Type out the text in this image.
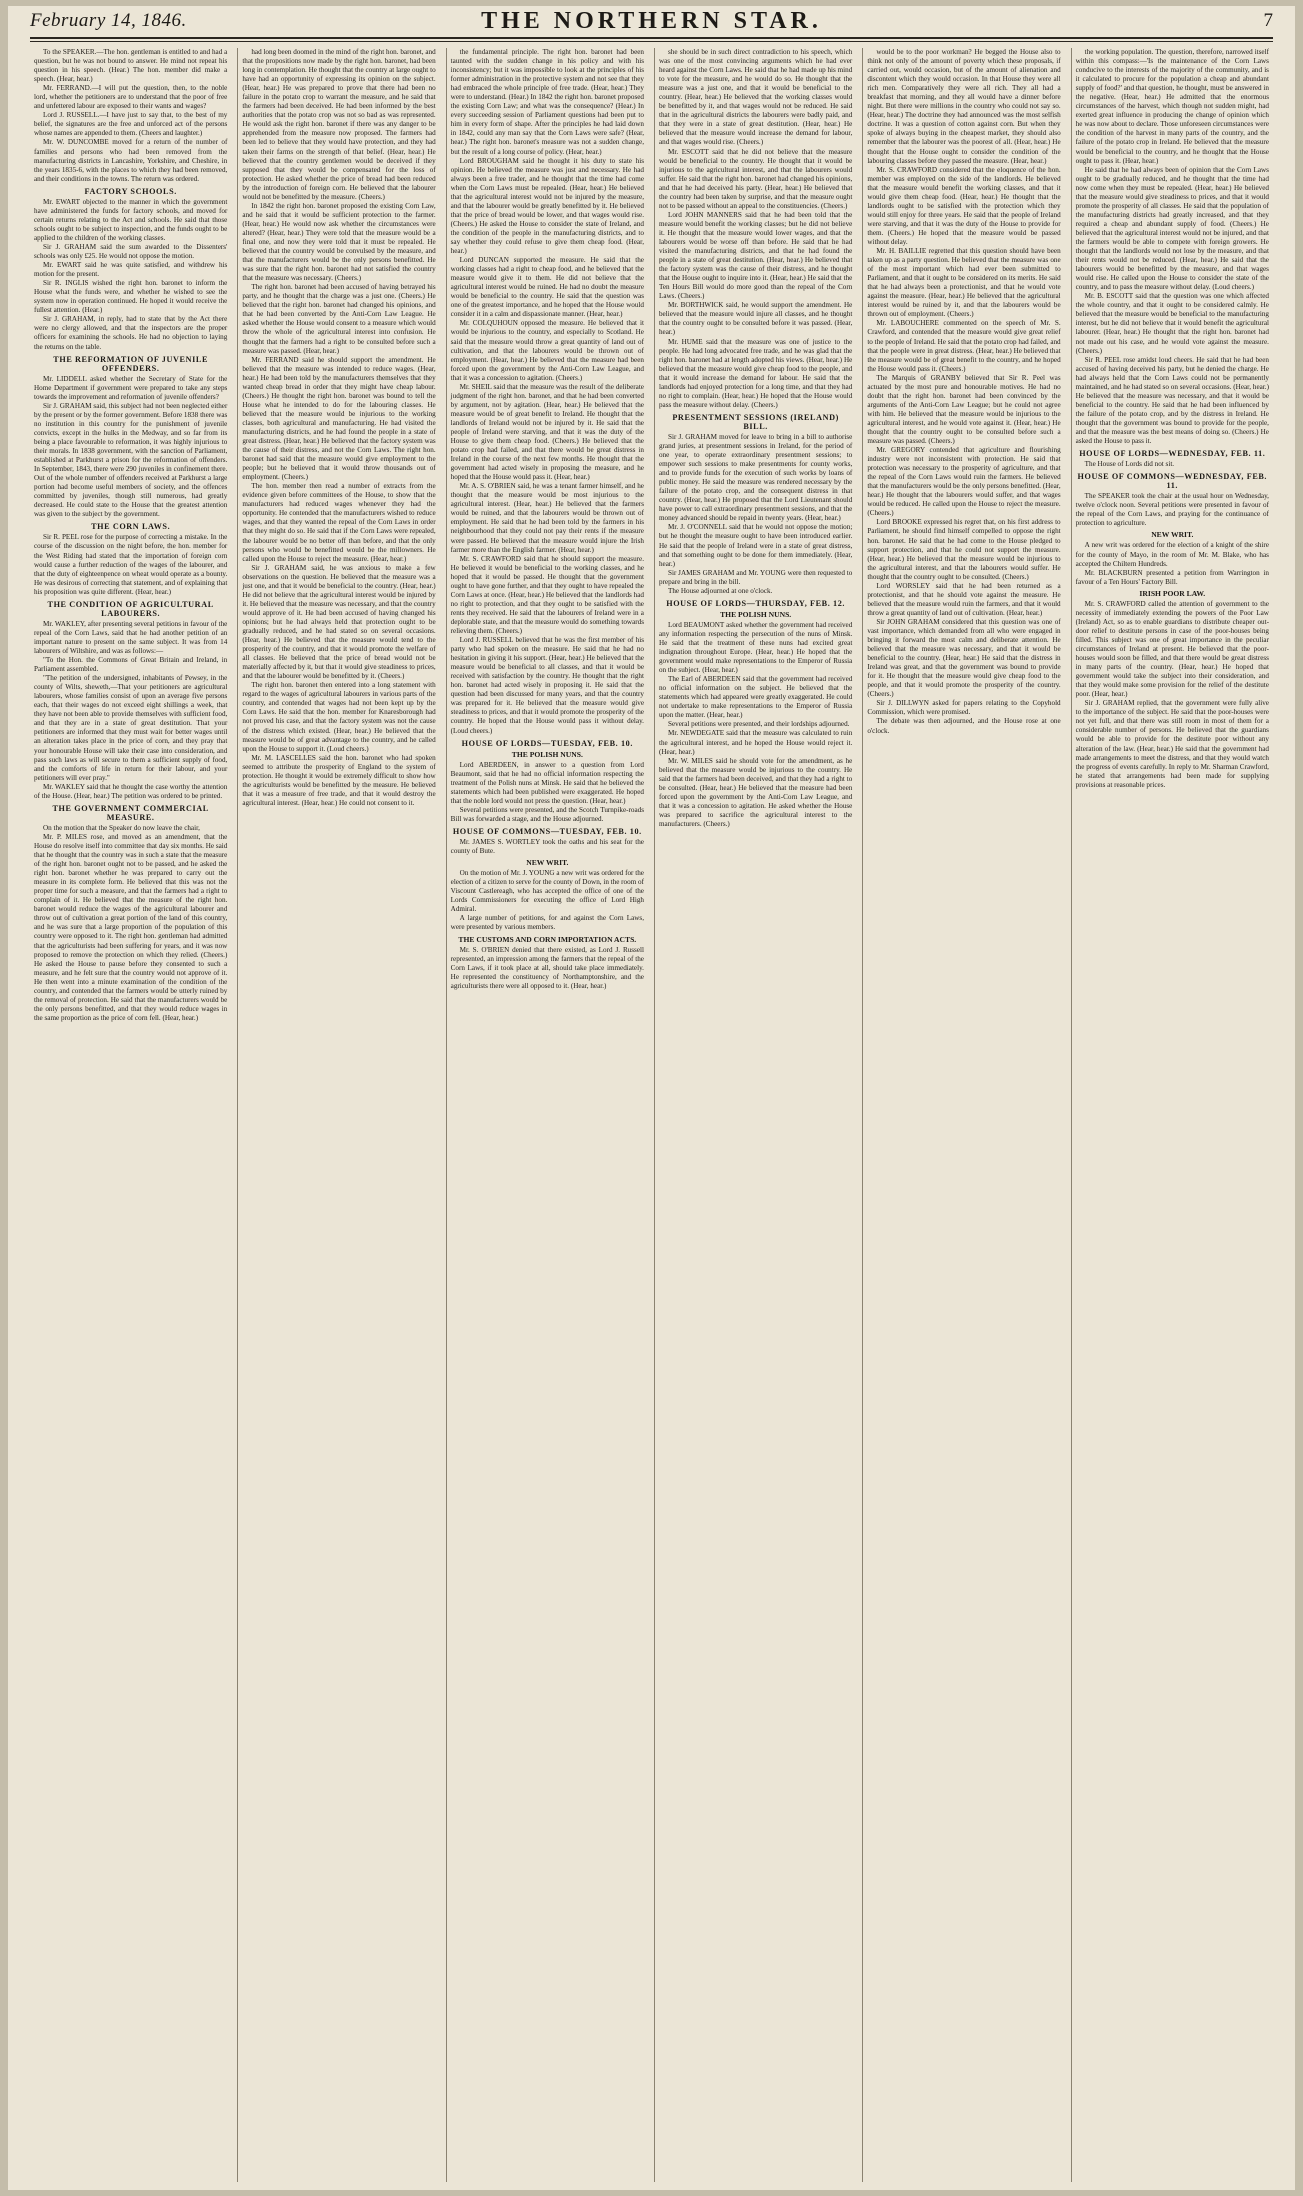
February 14, 1846.	THE NORTHERN STAR.	7

To the SPEAKER.—The hon. gentleman is entitled to and had a question, but he was not bound to answer. He mind not repeat his question in his speech. (Hear.) The hon. member did make a speech. (Hear, hear.)

Mr. FERRAND.—I will put the question, then, to the noble lord, whether the petitioners are to understand that the poor of free and unfettered labour are exposed to their wants and wages?

Lord J. RUSSELL.—I have just to say that, to the best of my belief, the signatures are the free and unforced act of the persons whose names are appended to them. (Cheers and laughter.)

Mr. W. DUNCOMBE moved for a return of the number of families and persons who had been removed from the manufacturing districts in Lancashire, Yorkshire, and Cheshire, in the years 1835-6, with the places to which they had been removed, and their conditions in the towns. The return was ordered.

FACTORY SCHOOLS.

Mr. EWART objected to the manner in which the government have administered the funds for factory schools, and moved for certain returns relating to the Act and schools. He said that those schools ought to be subject to inspection, and the funds ought to be applied to the children of the working classes.

Sir J. GRAHAM said the sum awarded to the Dissenters' schools was only £25. He would not oppose the motion.

Mr. EWART said he was quite satisfied, and withdrew his motion for the present.

Sir R. INGLIS wished the right hon. baronet to inform the House what the funds were, and whether he wished to see the system now in operation continued. He hoped it would receive the fullest attention. (Hear.)

Sir J. GRAHAM, in reply, had to state that by the Act there were no clergy allowed, and that the inspectors are the proper officers for examining the schools. He had no objection to laying the returns on the table.

THE REFORMATION OF JUVENILE OFFENDERS.

Mr. LIDDELL asked whether the Secretary of State for the Home Department if government were prepared to take any steps towards the improvement and reformation of juvenile offenders?

Sir J. GRAHAM said, this subject had not been neglected either by the present or by the former government. Before 1838 there was no institution in this country for the punishment of juvenile convicts, except in the hulks in the Medway, and so far from its being a place favourable to reformation, it was highly injurious to their morals. In 1838 government, with the sanction of Parliament, established at Parkhurst a prison for the reformation of offenders. In September, 1843, there were 290 juveniles in confinement there. Out of the whole number of offenders received at Parkhurst a large portion had become useful members of society, and the offences committed by juveniles, though still numerous, had greatly decreased. He could state to the House that the greatest attention was given to the subject by the government.

THE CORN LAWS.

Sir R. PEEL rose for the purpose of correcting a mistake. In the course of the discussion on the night before, the hon. member for the West Riding had stated that the importation of foreign corn would cause a further reduction of the wages of the labourer, and that the duty of eighteenpence on wheat would operate as a bounty. He was desirous of correcting that statement, and of explaining that his proposition was quite different. (Hear, hear.)

THE CONDITION OF AGRICULTURAL LABOURERS.

Mr. WAKLEY, after presenting several petitions in favour of the repeal of the Corn Laws, said that he had another petition of an important nature to present on the same subject. It was from 14 labourers of Wiltshire, and was as follows:—

"To the Hon. the Commons of Great Britain and Ireland, in Parliament assembled.

"The petition of the undersigned, inhabitants of Pewsey, in the county of Wilts, sheweth,—That your petitioners are agricultural labourers, whose families consist of upon an average five persons each, that their wages do not exceed eight shillings a week, that they have not been able to provide themselves with sufficient food, and that they are in a state of great destitution. That your petitioners are informed that they must wait for better wages until an alteration takes place in the price of corn, and they pray that your honourable House will take their case into consideration, and pass such laws as will secure to them a sufficient supply of food, and the comforts of life in return for their labour, and your petitioners will ever pray."

Mr. WAKLEY said that he thought the case worthy the attention of the House. (Hear, hear.) The petition was ordered to be printed.

THE GOVERNMENT COMMERCIAL MEASURE.

On the motion that the Speaker do now leave the chair,

Mr. P. MILES rose, and moved as an amendment, that the House do resolve itself into committee that day six months. He said that he thought that the country was in such a state that the measure of the right hon. baronet ought not to be passed, and he asked the right hon. baronet whether he was prepared to carry out the measure in its complete form. He believed that this was not the proper time for such a measure, and that the farmers had a right to complain of it. He believed that the measure of the right hon. baronet would reduce the wages of the agricultural labourer and throw out of cultivation a great portion of the land of this country, and he was sure that a large proportion of the population of this country were opposed to it. The right hon. gentleman had admitted that the agriculturists had been suffering for years, and it was now proposed to remove the protection on which they relied. (Cheers.) He asked the House to pause before they consented to such a measure, and he felt sure that the country would not approve of it. He then went into a minute examination of the condition of the country, and contended that the farmers would be utterly ruined by the removal of protection. He said that the manufacturers would be the only persons benefitted, and that they would reduce wages in the same proportion as the price of corn fell. (Hear, hear.)

had long been doomed in the mind of the right hon. baronet, and that the propositions now made by the right hon. baronet, had been long in contemplation. He thought that the country at large ought to have had an opportunity of expressing its opinion on the subject. (Hear, hear.) He was prepared to prove that there had been no failure in the potato crop to warrant the measure, and he said that the farmers had been deceived. He had been informed by the best authorities that the potato crop was not so bad as was represented. He would ask the right hon. baronet if there was any danger to be apprehended from the measure now proposed. The farmers had been led to believe that they would have protection, and they had taken their farms on the strength of that belief. (Hear, hear.) He believed that the country gentlemen would be deceived if they supposed that they would be compensated for the loss of protection. He asked whether the price of bread had been reduced by the introduction of foreign corn. He believed that the labourer would not be benefitted by the measure. (Cheers.)

In 1842 the right hon. baronet proposed the existing Corn Law, and he said that it would be sufficient protection to the farmer. (Hear, hear.) He would now ask whether the circumstances were altered? (Hear, hear.) They were told that the measure would be a final one, and now they were told that it must be repealed. He believed that the country would be convulsed by the measure, and that the manufacturers would be the only persons benefitted. He was sure that the right hon. baronet had not satisfied the country that the measure was necessary. (Cheers.)

The right hon. baronet had been accused of having betrayed his party, and he thought that the charge was a just one. (Cheers.) He believed that the right hon. baronet had changed his opinions, and that he had been converted by the Anti-Corn Law League. He asked whether the House would consent to a measure which would throw the whole of the agricultural interest into confusion. He thought that the farmers had a right to be consulted before such a measure was passed. (Hear, hear.)

Mr. FERRAND said he should support the amendment. He believed that the measure was intended to reduce wages. (Hear, hear.) He had been told by the manufacturers themselves that they wanted cheap bread in order that they might have cheap labour. (Cheers.) He thought the right hon. baronet was bound to tell the House what he intended to do for the labouring classes. He believed that the measure would be injurious to the working classes, both agricultural and manufacturing. He had visited the manufacturing districts, and he had found the people in a state of great distress. (Hear, hear.) He believed that the factory system was the cause of their distress, and not the Corn Laws. The right hon. baronet had said that the measure would give employment to the people; but he believed that it would throw thousands out of employment. (Cheers.)

The hon. member then read a number of extracts from the evidence given before committees of the House, to show that the manufacturers had reduced wages whenever they had the opportunity. He contended that the manufacturers wished to reduce wages, and that they wanted the repeal of the Corn Laws in order that they might do so. He said that if the Corn Laws were repealed, the labourer would be no better off than before, and that the only persons who would be benefitted would be the millowners. He called upon the House to reject the measure. (Hear, hear.)

Sir J. GRAHAM said, he was anxious to make a few observations on the question. He believed that the measure was a just one, and that it would be beneficial to the country. (Hear, hear.) He did not believe that the agricultural interest would be injured by it. He believed that the measure was necessary, and that the country would approve of it. He had been accused of having changed his opinions; but he had always held that protection ought to be gradually reduced, and he had stated so on several occasions. (Hear, hear.) He believed that the measure would tend to the prosperity of the country, and that it would promote the welfare of all classes. He believed that the price of bread would not be materially affected by it, but that it would give steadiness to prices, and that the labourer would be benefitted by it. (Cheers.)

The right hon. baronet then entered into a long statement with regard to the wages of agricultural labourers in various parts of the country, and contended that wages had not been kept up by the Corn Laws. He said that the hon. member for Knaresborough had not proved his case, and that the factory system was not the cause of the distress which existed. (Hear, hear.) He believed that the measure would be of great advantage to the country, and he called upon the House to support it. (Loud cheers.)

Mr. M. LASCELLES said the hon. baronet who had spoken seemed to attribute the prosperity of England to the system of protection. He thought it would be extremely difficult to show how the agriculturists would be benefitted by the measure. He believed that it was a measure of free trade, and that it would destroy the agricultural interest. (Hear, hear.) He could not consent to it.

the fundamental principle. The right hon. baronet had been taunted with the sudden change in his policy and with his inconsistency; but it was impossible to look at the principles of his former administration in the protective system and not see that they had embraced the whole principle of free trade. (Hear, hear.) They were to understand. (Hear.) In 1842 the right hon. baronet proposed the existing Corn Law; and what was the consequence? (Hear.) In every succeeding session of Parliament questions had been put to him in every form of shape. After the principles he had laid down in 1842, could any man say that the Corn Laws were safe? (Hear, hear.) The right hon. baronet's measure was not a sudden change, but the result of a long course of policy. (Hear, hear.)

Lord BROUGHAM said he thought it his duty to state his opinion. He believed the measure was just and necessary. He had always been a free trader, and he thought that the time had come when the Corn Laws must be repealed. (Hear, hear.) He believed that the agricultural interest would not be injured by the measure, and that the labourer would be greatly benefitted by it. He believed that the price of bread would be lower, and that wages would rise. (Cheers.) He asked the House to consider the state of Ireland, and the condition of the people in the manufacturing districts, and to say whether they could refuse to give them cheap food. (Hear, hear.)

Lord DUNCAN supported the measure. He said that the working classes had a right to cheap food, and he believed that the measure would give it to them. He did not believe that the agricultural interest would be ruined. He had no doubt the measure would be beneficial to the country. He said that the question was one of the greatest importance, and he hoped that the House would consider it in a calm and dispassionate manner. (Hear, hear.)

Mr. COLQUHOUN opposed the measure. He believed that it would be injurious to the country, and especially to Scotland. He said that the measure would throw a great quantity of land out of cultivation, and that the labourers would be thrown out of employment. (Hear, hear.) He believed that the measure had been forced upon the government by the Anti-Corn Law League, and that it was a concession to agitation. (Cheers.)

Mr. SHEIL said that the measure was the result of the deliberate judgment of the right hon. baronet, and that he had been converted by argument, not by agitation. (Hear, hear.) He believed that the measure would be of great benefit to Ireland. He thought that the landlords of Ireland would not be injured by it. He said that the people of Ireland were starving, and that it was the duty of the House to give them cheap food. (Cheers.) He believed that the potato crop had failed, and that there would be great distress in Ireland in the course of the next few months. He thought that the government had acted wisely in proposing the measure, and he hoped that the House would pass it. (Hear, hear.)

Mr. A. S. O'BRIEN said, he was a tenant farmer himself, and he thought that the measure would be most injurious to the agricultural interest. (Hear, hear.) He believed that the farmers would be ruined, and that the labourers would be thrown out of employment. He said that he had been told by the farmers in his neighbourhood that they could not pay their rents if the measure were passed. He believed that the measure would injure the Irish farmer more than the English farmer. (Hear, hear.)

Mr. S. CRAWFORD said that he should support the measure. He believed it would be beneficial to the working classes, and he hoped that it would be passed. He thought that the government ought to have gone further, and that they ought to have repealed the Corn Laws at once. (Hear, hear.) He believed that the landlords had no right to protection, and that they ought to be satisfied with the rents they received. He said that the labourers of Ireland were in a deplorable state, and that the measure would do something towards relieving them. (Cheers.)

Lord J. RUSSELL believed that he was the first member of his party who had spoken on the measure. He said that he had no hesitation in giving it his support. (Hear, hear.) He believed that the measure would be beneficial to all classes, and that it would be received with satisfaction by the country. He thought that the right hon. baronet had acted wisely in proposing it. He said that the question had been discussed for many years, and that the country was prepared for it. He believed that the measure would give steadiness to prices, and that it would promote the prosperity of the country. He hoped that the House would pass it without delay. (Loud cheers.)

HOUSE OF LORDS—TUESDAY, FEB. 10.
THE POLISH NUNS.

Lord ABERDEEN, in answer to a question from Lord Beaumont, said that he had no official information respecting the treatment of the Polish nuns at Minsk. He said that he believed the statements which had been published were exaggerated. He hoped that the noble lord would not press the question. (Hear, hear.)

Several petitions were presented, and the Scotch Turnpike-roads Bill was forwarded a stage, and the House adjourned.

HOUSE OF COMMONS—TUESDAY, FEB. 10.

Mr. JAMES S. WORTLEY took the oaths and his seat for the county of Bute.

NEW WRIT.

On the motion of Mr. J. YOUNG a new writ was ordered for the election of a citizen to serve for the county of Down, in the room of Viscount Castlereagh, who has accepted the office of one of the Lords Commissioners for executing the office of Lord High Admiral.

A large number of petitions, for and against the Corn Laws, were presented by various members.

THE CUSTOMS AND CORN IMPORTATION ACTS.

Mr. S. O'BRIEN denied that there existed, as Lord J. Russell represented, an impression among the farmers that the repeal of the Corn Laws, if it took place at all, should take place immediately. He represented the constituency of Northamptonshire, and the agriculturists there were all opposed to it. (Hear, hear.)

she should be in such direct contradiction to his speech, which was one of the most convincing arguments which he had ever heard against the Corn Laws. He said that he had made up his mind to vote for the measure, and he would do so. He thought that the measure was a just one, and that it would be beneficial to the country. (Hear, hear.) He believed that the working classes would be benefitted by it, and that wages would not be reduced. He said that in the agricultural districts the labourers were badly paid, and that they were in a state of great destitution. (Hear, hear.) He believed that the measure would increase the demand for labour, and that wages would rise. (Cheers.)

Mr. ESCOTT said that he did not believe that the measure would be beneficial to the country. He thought that it would be injurious to the agricultural interest, and that the labourers would suffer. He said that the right hon. baronet had changed his opinions, and that he had deceived his party. (Hear, hear.) He believed that the country had been taken by surprise, and that the measure ought not to be passed without an appeal to the constituencies. (Cheers.)

Lord JOHN MANNERS said that he had been told that the measure would benefit the working classes; but he did not believe it. He thought that the measure would lower wages, and that the labourers would be worse off than before. He said that he had visited the manufacturing districts, and that he had found the people in a state of great destitution. (Hear, hear.) He believed that the factory system was the cause of their distress, and he thought that the House ought to inquire into it. (Hear, hear.) He said that the Ten Hours Bill would do more good than the repeal of the Corn Laws. (Cheers.)

Mr. BORTHWICK said, he would support the amendment. He believed that the measure would injure all classes, and he thought that the country ought to be consulted before it was passed. (Hear, hear.)

Mr. HUME said that the measure was one of justice to the people. He had long advocated free trade, and he was glad that the right hon. baronet had at length adopted his views. (Hear, hear.) He believed that the measure would give cheap food to the people, and that it would increase the demand for labour. He said that the landlords had enjoyed protection for a long time, and that they had no right to complain. (Hear, hear.) He hoped that the House would pass the measure without delay. (Cheers.)

PRESENTMENT SESSIONS (IRELAND) BILL.

Sir J. GRAHAM moved for leave to bring in a bill to authorise grand juries, at presentment sessions in Ireland, for the period of one year, to operate extraordinary presentment sessions; to empower such sessions to make presentments for county works, and to provide funds for the execution of such works by loans of public money. He said the measure was rendered necessary by the failure of the potato crop, and the consequent distress in that country. (Hear, hear.) He proposed that the Lord Lieutenant should have power to call extraordinary presentment sessions, and that the money advanced should be repaid in twenty years. (Hear, hear.)

Mr. J. O'CONNELL said that he would not oppose the motion; but he thought the measure ought to have been introduced earlier. He said that the people of Ireland were in a state of great distress, and that something ought to be done for them immediately. (Hear, hear.)

Sir JAMES GRAHAM and Mr. YOUNG were then requested to prepare and bring in the bill.

The House adjourned at one o'clock.

HOUSE OF LORDS—THURSDAY, FEB. 12.
THE POLISH NUNS.

Lord BEAUMONT asked whether the government had received any information respecting the persecution of the nuns of Minsk. He said that the treatment of these nuns had excited great indignation throughout Europe. (Hear, hear.) He hoped that the government would make representations to the Emperor of Russia on the subject. (Hear, hear.)

The Earl of ABERDEEN said that the government had received no official information on the subject. He believed that the statements which had appeared were greatly exaggerated. He could not undertake to make representations to the Emperor of Russia upon the matter. (Hear, hear.)

Several petitions were presented, and their lordships adjourned.

Mr. NEWDEGATE said that the measure was calculated to ruin the agricultural interest, and he hoped the House would reject it. (Hear, hear.)

Mr. W. MILES said he should vote for the amendment, as he believed that the measure would be injurious to the country. He said that the farmers had been deceived, and that they had a right to be consulted. (Hear, hear.) He believed that the measure had been forced upon the government by the Anti-Corn Law League, and that it was a concession to agitation. He asked whether the House was prepared to sacrifice the agricultural interest to the manufacturers. (Cheers.)

would be to the poor workman? He begged the House also to think not only of the amount of poverty which these proposals, if carried out, would occasion, but of the amount of alienation and discontent which they would occasion. In that House they were all rich men. Comparatively they were all rich. They all had a breakfast that morning, and they all would have a dinner before night. But there were millions in the country who could not say so. (Hear, hear.) The doctrine they had announced was the most selfish doctrine. It was a question of cotton against corn. But when they spoke of always buying in the cheapest market, they should also remember that the labourer was the poorest of all. (Hear, hear.) He thought that the House ought to consider the condition of the labouring classes before they passed the measure. (Hear, hear.)

Mr. S. CRAWFORD considered that the eloquence of the hon. member was employed on the side of the landlords. He believed that the measure would benefit the working classes, and that it would give them cheap food. (Hear, hear.) He thought that the landlords ought to be satisfied with the protection which they would still enjoy for three years. He said that the people of Ireland were starving, and that it was the duty of the House to provide for them. (Cheers.) He hoped that the measure would be passed without delay.

Mr. H. BAILLIE regretted that this question should have been taken up as a party question. He believed that the measure was one of the most important which had ever been submitted to Parliament, and that it ought to be considered on its merits. He said that he had always been a protectionist, and that he would vote against the measure. (Hear, hear.) He believed that the agricultural interest would be ruined by it, and that the labourers would be thrown out of employment. (Cheers.)

Mr. LABOUCHERE commented on the speech of Mr. S. Crawford, and contended that the measure would give great relief to the people of Ireland. He said that the potato crop had failed, and that the people were in great distress. (Hear, hear.) He believed that the measure would be of great benefit to the country, and he hoped the House would pass it. (Cheers.)

The Marquis of GRANBY believed that Sir R. Peel was actuated by the most pure and honourable motives. He had no doubt that the right hon. baronet had been convinced by the arguments of the Anti-Corn Law League; but he could not agree with him. He believed that the measure would be injurious to the agricultural interest, and he would vote against it. (Hear, hear.) He thought that the country ought to be consulted before such a measure was passed. (Cheers.)

Mr. GREGORY contended that agriculture and flourishing industry were not inconsistent with protection. He said that protection was necessary to the prosperity of agriculture, and that the repeal of the Corn Laws would ruin the farmers. He believed that the manufacturers would be the only persons benefitted. (Hear, hear.) He thought that the labourers would suffer, and that wages would be reduced. He called upon the House to reject the measure. (Cheers.)

Lord BROOKE expressed his regret that, on his first address to Parliament, he should find himself compelled to oppose the right hon. baronet. He said that he had come to the House pledged to support protection, and that he could not support the measure. (Hear, hear.) He believed that the measure would be injurious to the agricultural interest, and that the labourers would suffer. He thought that the country ought to be consulted. (Cheers.)

Lord WORSLEY said that he had been returned as a protectionist, and that he should vote against the measure. He believed that the measure would ruin the farmers, and that it would throw a great quantity of land out of cultivation. (Hear, hear.)

Sir JOHN GRAHAM considered that this question was one of vast importance, which demanded from all who were engaged in bringing it forward the most calm and deliberate attention. He believed that the measure was necessary, and that it would be beneficial to the country. (Hear, hear.) He said that the distress in Ireland was great, and that the government was bound to provide for it. He thought that the measure would give cheap food to the people, and that it would promote the prosperity of the country. (Cheers.)

Sir J. DILLWYN asked for papers relating to the Copyhold Commission, which were promised.

The debate was then adjourned, and the House rose at one o'clock.

the working population. The question, therefore, narrowed itself within this compass:—'Is the maintenance of the Corn Laws conducive to the interests of the majority of the community, and is it calculated to procure for the population a cheap and abundant supply of food?' and that question, he thought, must be answered in the negative. (Hear, hear.) He admitted that the enormous circumstances of the harvest, which though not sudden might, had exerted great influence in producing the change of opinion which he was now about to declare. Those unforeseen circumstances were the condition of the harvest in many parts of the country, and the failure of the potato crop in Ireland. He believed that the measure would be beneficial to the country, and he thought that the House ought to pass it. (Hear, hear.)

He said that he had always been of opinion that the Corn Laws ought to be gradually reduced, and he thought that the time had now come when they must be repealed. (Hear, hear.) He believed that the measure would give steadiness to prices, and that it would promote the prosperity of all classes. He said that the population of the manufacturing districts had greatly increased, and that they required a cheap and abundant supply of food. (Cheers.) He believed that the agricultural interest would not be injured, and that the farmers would be able to compete with foreign growers. He thought that the landlords would not lose by the measure, and that their rents would not be reduced. (Hear, hear.) He said that the labourers would be benefitted by the measure, and that wages would rise. He called upon the House to consider the state of the country, and to pass the measure without delay. (Loud cheers.)

Mr. B. ESCOTT said that the question was one which affected the whole country, and that it ought to be considered calmly. He believed that the measure would be beneficial to the manufacturing interest, but he did not believe that it would benefit the agricultural labourer. (Hear, hear.) He thought that the right hon. baronet had not made out his case, and he would vote against the measure. (Cheers.)

Sir R. PEEL rose amidst loud cheers. He said that he had been accused of having deceived his party, but he denied the charge. He had always held that the Corn Laws could not be permanently maintained, and he had stated so on several occasions. (Hear, hear.) He believed that the measure was necessary, and that it would be beneficial to the country. He said that he had been influenced by the failure of the potato crop, and by the distress in Ireland. He thought that the government was bound to provide for the people, and that the measure was the best means of doing so. (Cheers.) He asked the House to pass it.

HOUSE OF LORDS—WEDNESDAY, FEB. 11.

The House of Lords did not sit.

HOUSE OF COMMONS—WEDNESDAY, FEB. 11.

The SPEAKER took the chair at the usual hour on Wednesday, twelve o'clock noon. Several petitions were presented in favour of the repeal of the Corn Laws, and praying for the continuance of protection to agriculture.

NEW WRIT.

A new writ was ordered for the election of a knight of the shire for the county of Mayo, in the room of Mr. M. Blake, who has accepted the Chiltern Hundreds.

Mr. BLACKBURN presented a petition from Warrington in favour of a Ten Hours' Factory Bill.

IRISH POOR LAW.

Mr. S. CRAWFORD called the attention of government to the necessity of immediately extending the powers of the Poor Law (Ireland) Act, so as to enable guardians to distribute cheaper out-door relief to destitute persons in case of the poor-houses being filled. This subject was one of great importance in the peculiar circumstances of Ireland at present. He believed that the poor-houses would soon be filled, and that there would be great distress in many parts of the country. (Hear, hear.) He hoped that government would take the subject into their consideration, and that they would make some provision for the relief of the destitute poor. (Hear, hear.)

Sir J. GRAHAM replied, that the government were fully alive to the importance of the subject. He said that the poor-houses were not yet full, and that there was still room in most of them for a considerable number of persons. He believed that the guardians would be able to provide for the destitute poor without any alteration of the law. (Hear, hear.) He said that the government had made arrangements to meet the distress, and that they would watch the progress of events carefully. In reply to Mr. Sharman Crawford, he stated that arrangements had been made for supplying provisions at reasonable prices.
